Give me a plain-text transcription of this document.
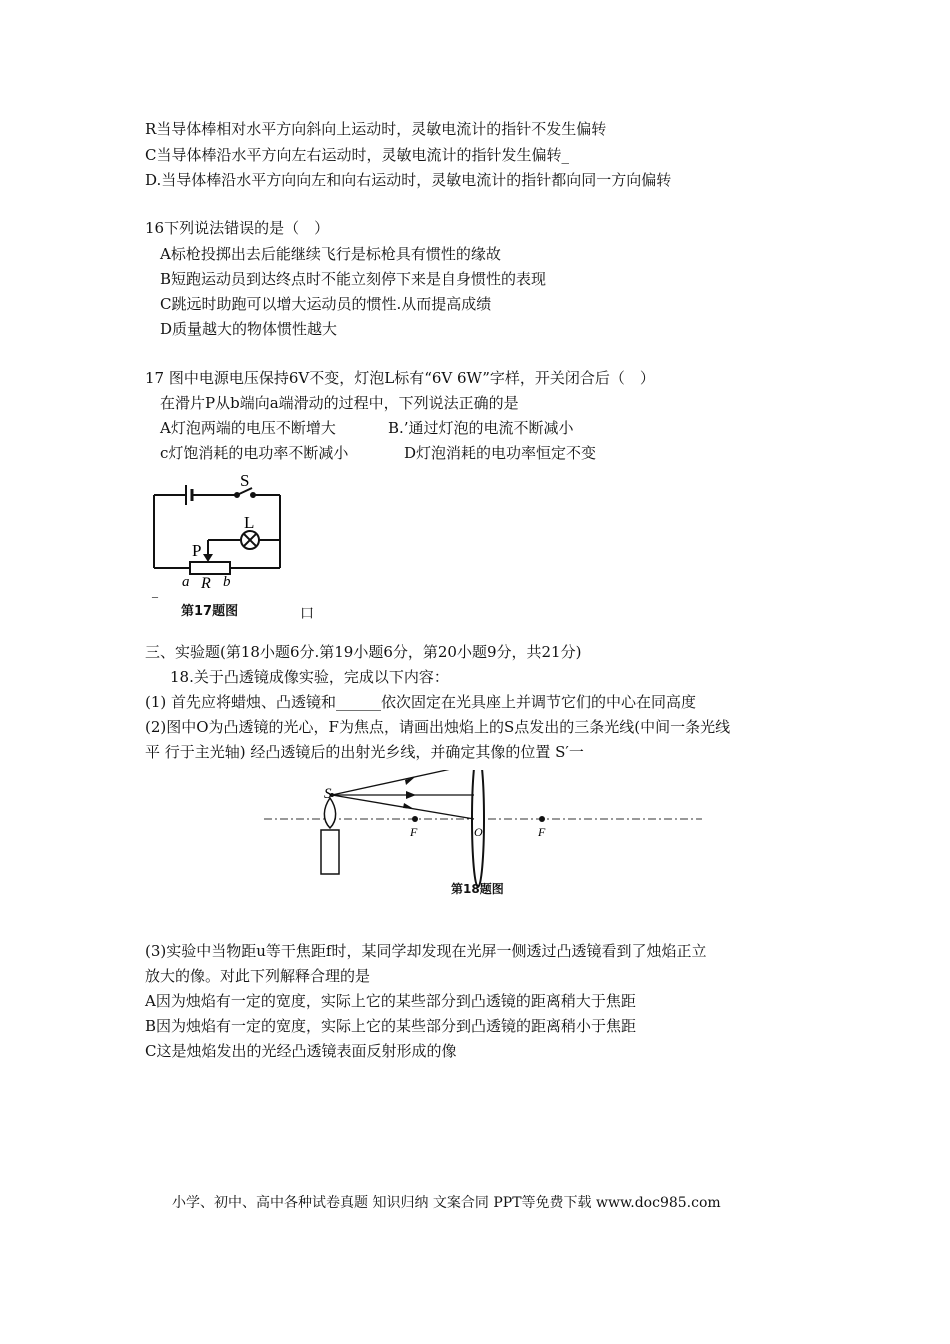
R当导体棒相对水平方向斜向上运动时，灵敏电流计的指针不发生偏转
C当导体棒沿水平方向左右运动时，灵敏电流计的指针发生偏转_
D.当导体棒沿水平方向向左和向右运动时，灵敏电流计的指针都向同一方向偏转
16下列说法错误的是（　）
A标枪投掷出去后能继续飞行是标枪具有惯性的缘故
B短跑运动员到达终点时不能立刻停下来是自身惯性的表现
C跳远时助跑可以增大运动员的惯性.从而提高成绩
D质量越大的物体惯性越大
17 图中电源电压保持6V不变，灯泡L标有“6V 6W”字样，开关闭合后（　）
在滑片P从b端向a端滑动的过程中，下列说法正确的是
A灯泡两端的电压不断增大	B.’通过灯泡的电流不断减小
c灯饱消耗的电功率不断减小	D灯泡消耗的电功率恒定不变
S
L
P
a R b
–
第17题图	口
三、实验题(第18小题6分.第19小题6分，第20小题9分，共21分)
18.关于凸透镜成像实验，完成以下内容：
(1) 首先应将蜡烛、凸透镜和______依次固定在光具座上并调节它们的中心在同高度
(2)图中O为凸透镜的光心，F为焦点，请画出烛焰上的S点发出的三条光线(中间一条光线
平 行于主光轴) 经凸透镜后的出射光乡线，并确定其像的位置 S′一
S
F	O	F
第18题图
(3)实验中当物距u等干焦距f时，某同学却发现在光屏一侧透过凸透镜看到了烛焰正立
放大的像。对此下列解释合理的是
A因为烛焰有一定的宽度，实际上它的某些部分到凸透镜的距离稍大于焦距
B因为烛焰有一定的宽度，实际上它的某些部分到凸透镜的距离稍小于焦距
C这是烛焰发出的光经凸透镜表面反射形成的像
小学、初中、高中各种试卷真题 知识归纳 文案合同 PPT等免费下载 www.doc985.com
